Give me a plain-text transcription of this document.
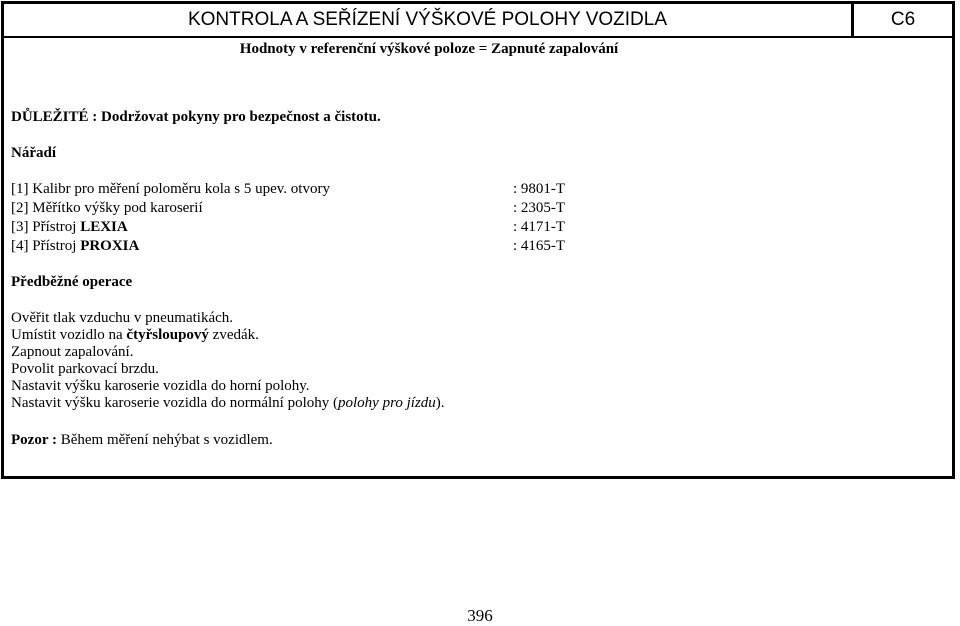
KONTROLA A SEŘÍZENÍ VÝŠKOVÉ POLOHY VOZIDLA	C6
Hodnoty v referenční výškové poloze = Zapnuté zapalování
DŮLEŽITÉ : Dodržovat pokyny pro bezpečnost a čistotu.
Nářadí
[1] Kalibr pro měření poloměru kola s 5 upev. otvory	: 9801-T
[2] Měřítko výšky pod karoserií	: 2305-T
[3] Přístroj LEXIA	: 4171-T
[4] Přístroj PROXIA	: 4165-T
Předběžné operace
Ověřit tlak vzduchu v pneumatikách.
Umístit vozidlo na čtyřsloupový zvedák.
Zapnout zapalování.
Povolit parkovací brzdu.
Nastavit výšku karoserie vozidla do horní polohy.
Nastavit výšku karoserie vozidla do normální polohy (polohy pro jízdu).
Pozor : Během měření nehýbat s vozidlem.
396
